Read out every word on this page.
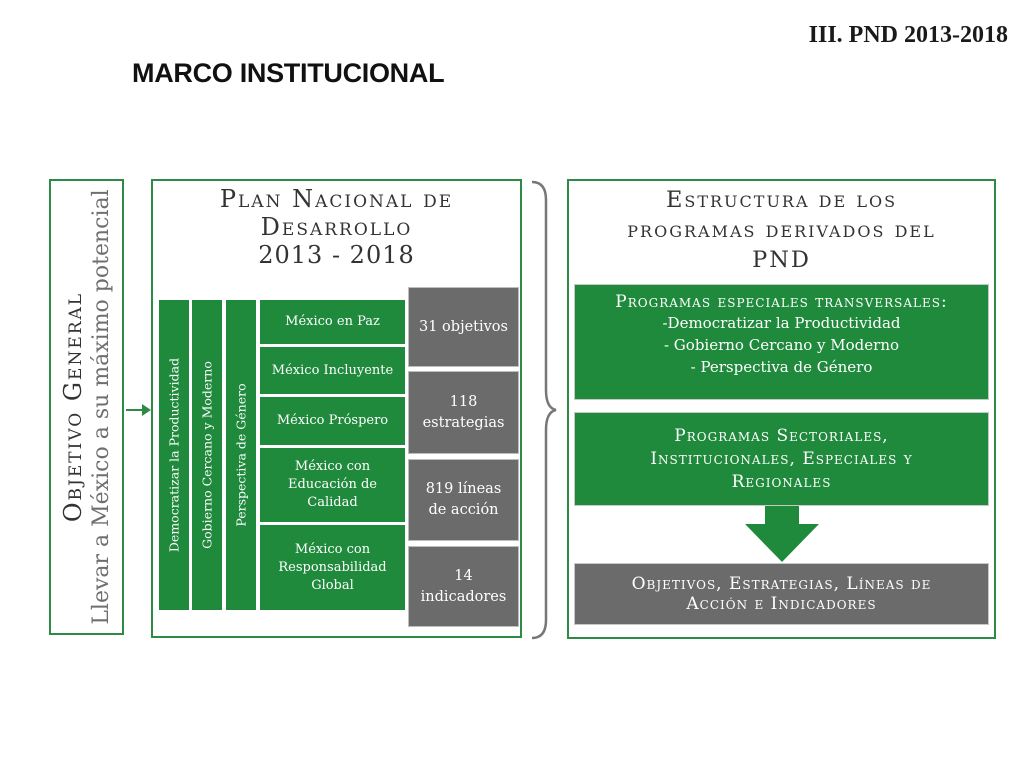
III. PND 2013-2018
MARCO INSTITUCIONAL
Objetivo General Llevar a México a su máximo potencial	Plan Nacional de
Desarrollo
2013 - 2018
Democratizar la Productividad Gobierno Cercano y Moderno Perspectiva de Género
México en Paz
México Incluyente
México Próspero
México con Educación de Calidad
México con Responsabilidad Global
31 objetivos
118 estrategias
819 líneas de acción
14 indicadores
Estructura de los
programas derivados del
PND
Programas especiales transversales:
-Democratizar la Productividad
- Gobierno Cercano y Moderno
- Perspectiva de Género
Programas Sectoriales,
Institucionales, Especiales y
Regionales
Objetivos, Estrategias, Líneas de
Acción e Indicadores
